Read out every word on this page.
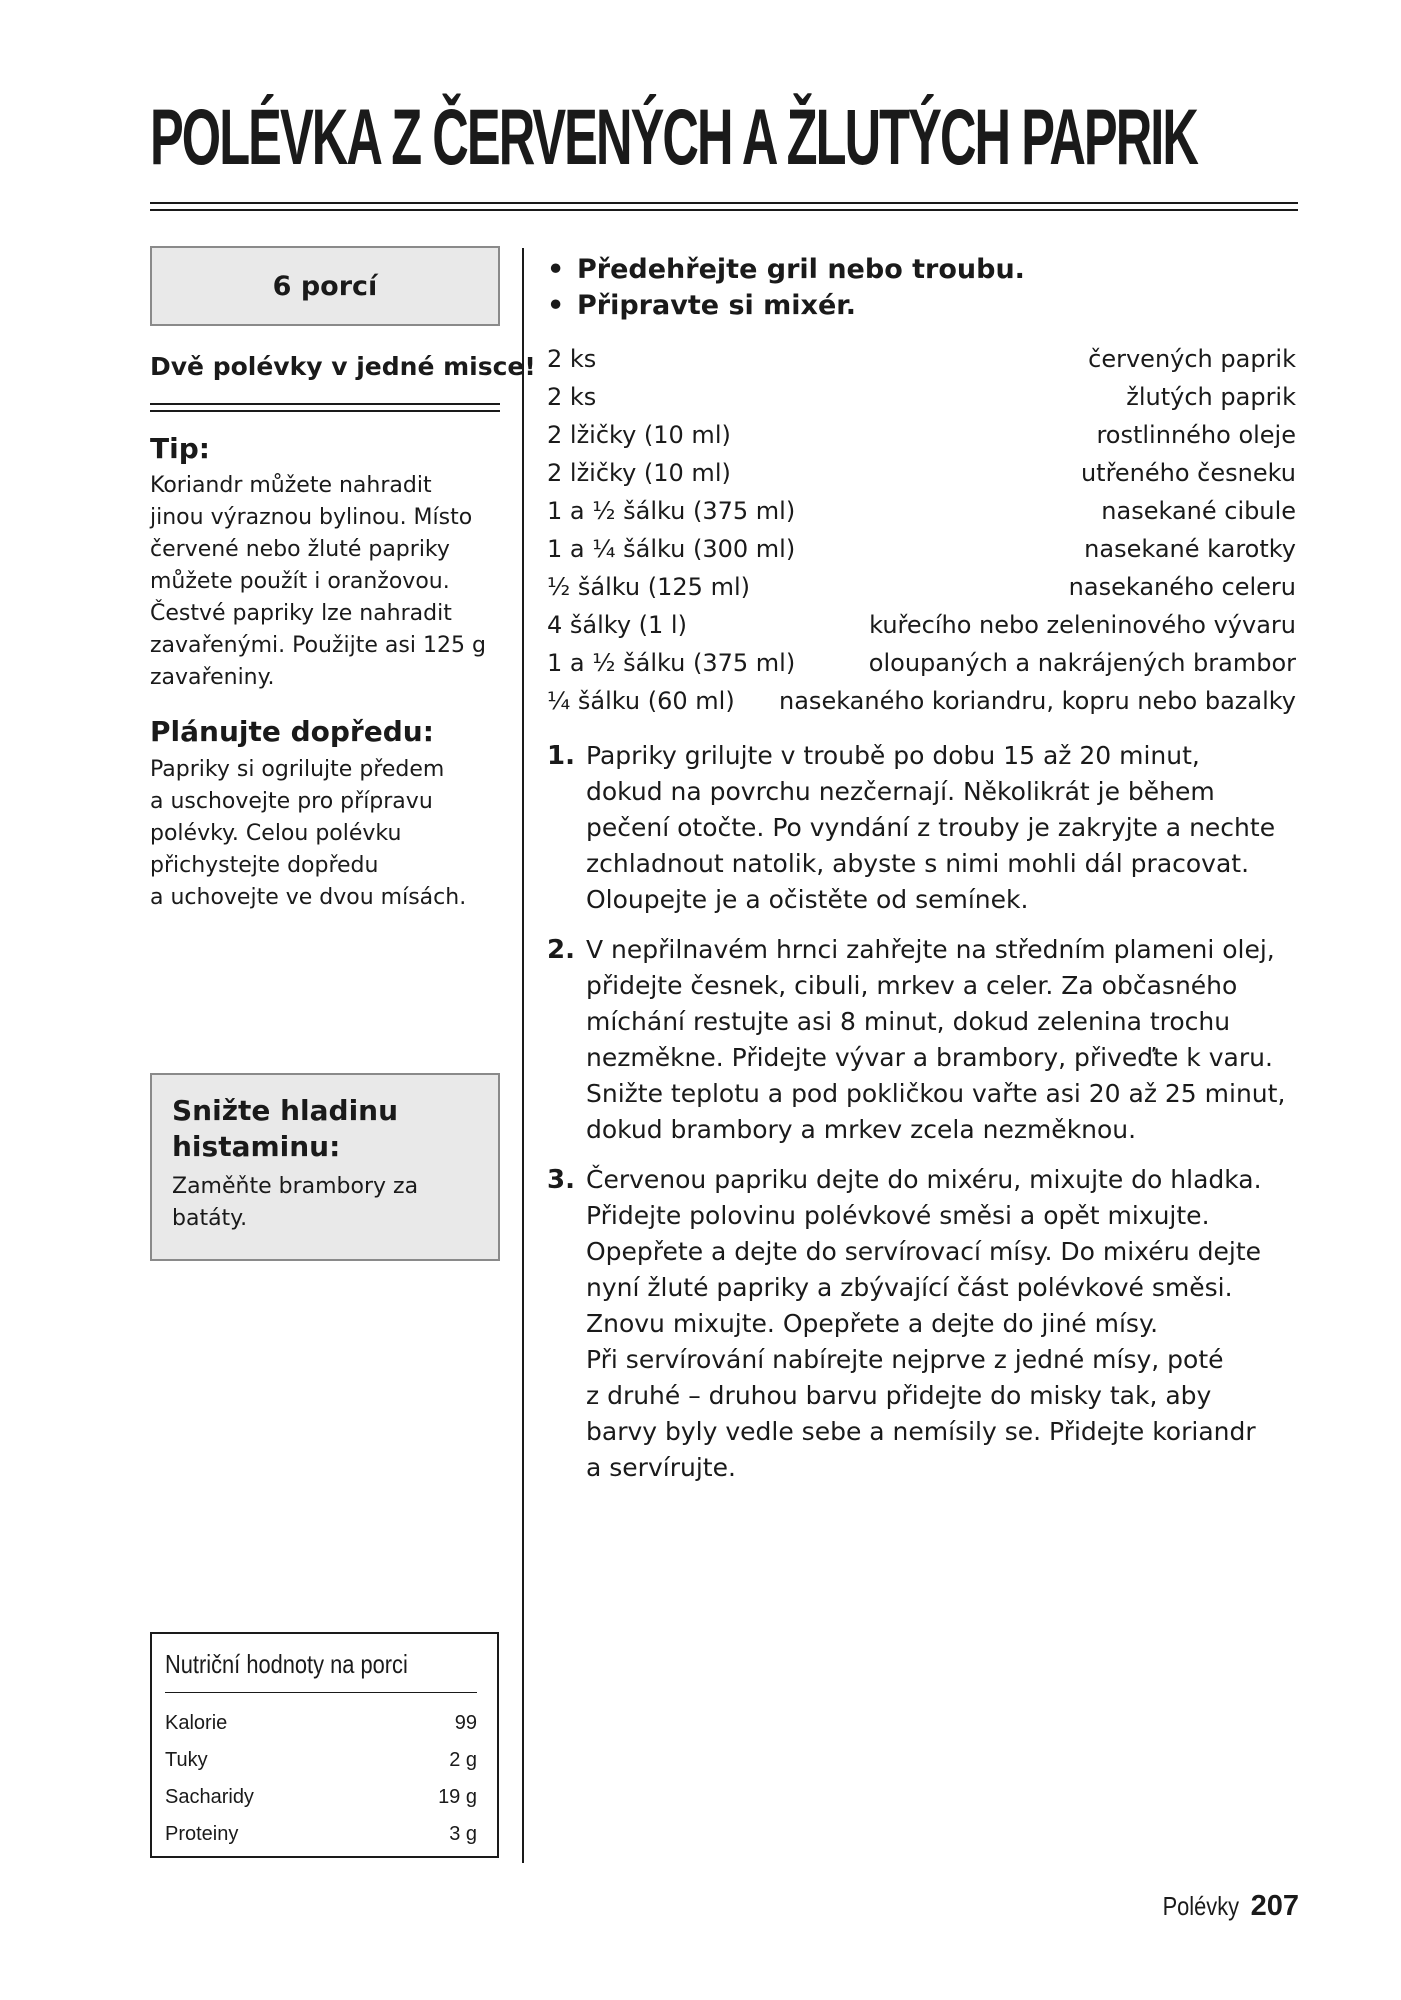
POLÉVKA Z ČERVENÝCH A ŽLUTÝCH PAPRIK
6 porcí

Dvě polévky v jedné misce!

Tip:

Koriandr můžete nahradit
jinou výraznou bylinou. Místo
červené nebo žluté papriky
můžete použít i oranžovou.
Čestvé papriky lze nahradit
zavařenými. Použijte asi 125 g
zavařeniny.

Plánujte dopředu:

Papriky si ogrilujte předem
a uschovejte pro přípravu
polévky. Celou polévku
přichystejte dopředu
a uchovejte ve dvou mísách.

Snižte hladinu histaminu:

Zaměňte brambory za batáty.

Nutriční hodnoty na porci

Kalorie	99
Tuky	2 g
Sacharidy	19 g
Proteiny	3 g
• Předehřejte gril nebo troubu.
• Připravte si mixér.
2 ks	červených paprik
2 ks	žlutých paprik
2 lžičky (10 ml)	rostlinného oleje
2 lžičky (10 ml)	utřeného česneku
1 a ½ šálku (375 ml)	nasekané cibule
1 a ¼ šálku (300 ml)	nasekané karotky
½ šálku (125 ml)	nasekaného celeru
4 šálky (1 l)	kuřecího nebo zeleninového vývaru
1 a ½ šálku (375 ml)	oloupaných a nakrájených brambor
¼ šálku (60 ml) nasekaného koriandru, kopru nebo bazalky
1. Papriky grilujte v troubě po dobu 15 až 20 minut,
dokud na povrchu nezčernají. Několikrát je během
pečení otočte. Po vyndání z trouby je zakryjte a nechte
zchladnout natolik, abyste s nimi mohli dál pracovat.
Oloupejte je a očistěte od semínek.
2. V nepřilnavém hrnci zahřejte na středním plameni olej,
přidejte česnek, cibuli, mrkev a celer. Za občasného
míchání restujte asi 8 minut, dokud zelenina trochu
nezměkne. Přidejte vývar a brambory, přiveďte k varu.
Snižte teplotu a pod pokličkou vařte asi 20 až 25 minut,
dokud brambory a mrkev zcela nezměknou.
3. Červenou papriku dejte do mixéru, mixujte do hladka.
Přidejte polovinu polévkové směsi a opět mixujte.
Opepřete a dejte do servírovací mísy. Do mixéru dejte
nyní žluté papriky a zbývající část polévkové směsi.
Znovu mixujte. Opepřete a dejte do jiné mísy.
Při servírování nabírejte nejprve z jedné mísy, poté
z druhé – druhou barvu přidejte do misky tak, aby
barvy byly vedle sebe a nemísily se. Přidejte koriandr
a servírujte.
Polévky 207
